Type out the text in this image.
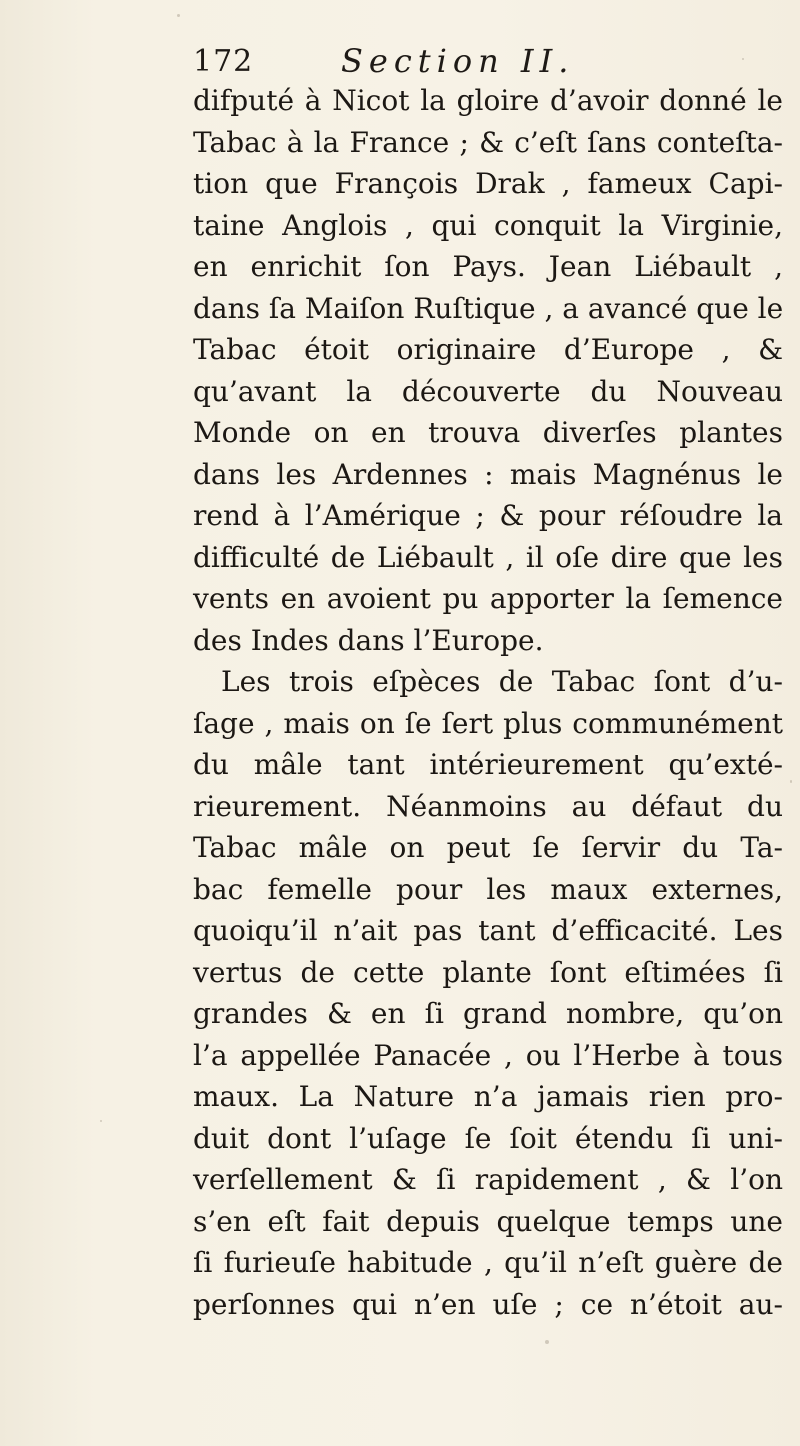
172	Section II.
difputé à Nicot la gloire d’avoir donné le
Tabac à la France ; & c’eſt ſans conteſta-
tion que François Drak , fameux Capi-
taine Anglois , qui conquit la Virginie,
en enrichit ſon Pays. Jean Liébault ,
dans ſa Maiſon Ruſtique , a avancé que le
Tabac étoit originaire d’Europe , &
qu’avant la découverte du Nouveau
Monde on en trouva diverſes plantes
dans les Ardennes : mais Magnénus le
rend à l’Amérique ; & pour réſoudre la
difficulté de Liébault , il oſe dire que les
vents en avoient pu apporter la ſemence
des Indes dans l’Europe.
Les trois eſpèces de Tabac ſont d’u-
ſage , mais on ſe ſert plus communément
du mâle tant intérieurement qu’exté-
rieurement. Néanmoins au défaut du
Tabac mâle on peut ſe ſervir du Ta-
bac femelle pour les maux externes,
quoiqu’il n’ait pas tant d’efficacité. Les
vertus de cette plante ſont eſtimées ſi
grandes & en ſi grand nombre, qu’on
l’a appellée Panacée , ou l’Herbe à tous
maux. La Nature n’a jamais rien pro-
duit dont l’uſage ſe ſoit étendu ſi uni-
verſellement & ſi rapidement , & l’on
s’en eſt fait depuis quelque temps une
ſi furieuſe habitude , qu’il n’eſt guère de
perſonnes qui n’en uſe ; ce n’étoit au-
